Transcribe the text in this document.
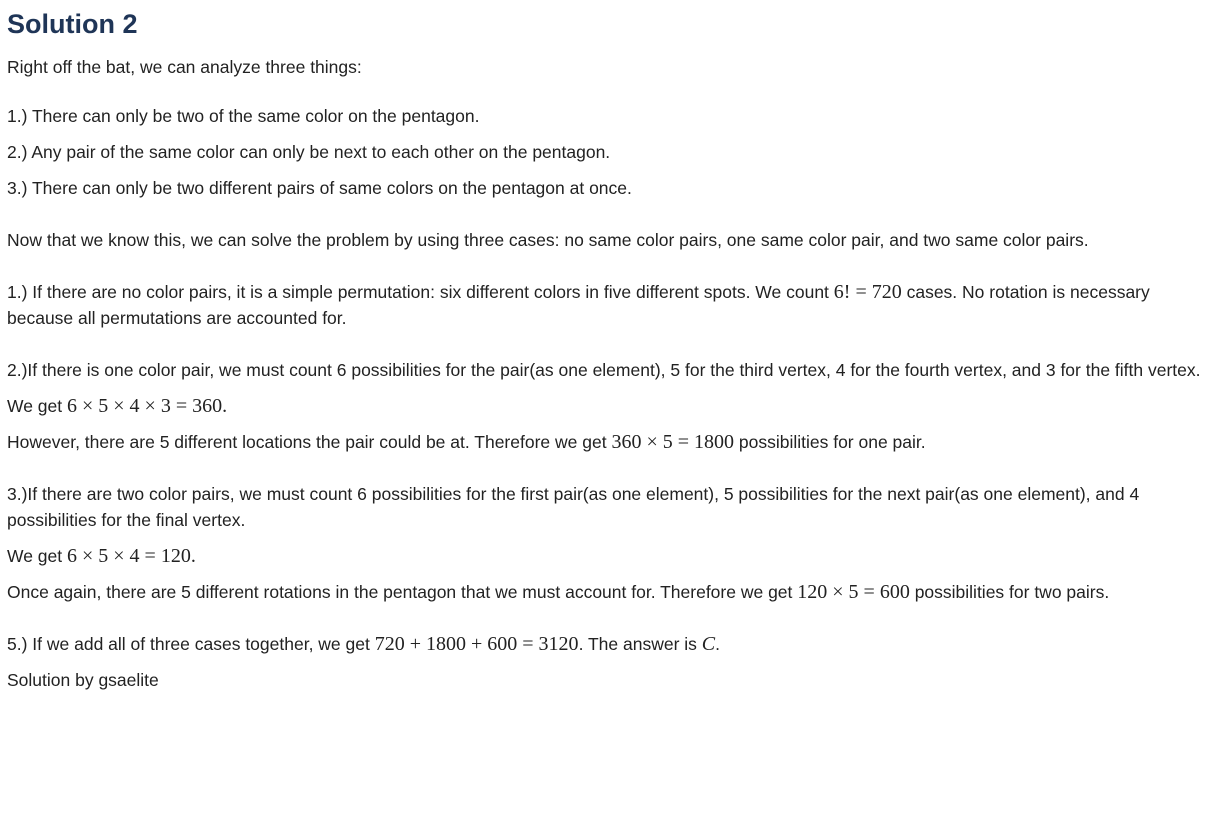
Solution 2

Right off the bat, we can analyze three things:

1.) There can only be two of the same color on the pentagon.

2.) Any pair of the same color can only be next to each other on the pentagon.

3.) There can only be two different pairs of same colors on the pentagon at once.

Now that we know this, we can solve the problem by using three cases: no same color pairs, one same color pair, and two same color pairs.

1.) If there are no color pairs, it is a simple permutation: six different colors in five different spots. We count 6! = 720 cases. No rotation is necessary because all permutations are accounted for.

2.)If there is one color pair, we must count 6 possibilities for the pair(as one element), 5 for the third vertex, 4 for the fourth vertex, and 3 for the fifth vertex.

We get 6 × 5 × 4 × 3 = 360.

However, there are 5 different locations the pair could be at. Therefore we get 360 × 5 = 1800 possibilities for one pair.

3.)If there are two color pairs, we must count 6 possibilities for the first pair(as one element), 5 possibilities for the next pair(as one element), and 4 possibilities for the final vertex.

We get 6 × 5 × 4 = 120.

Once again, there are 5 different rotations in the pentagon that we must account for. Therefore we get 120 × 5 = 600 possibilities for two pairs.

5.) If we add all of three cases together, we get 720 + 1800 + 600 = 3120. The answer is C.

Solution by gsaelite
